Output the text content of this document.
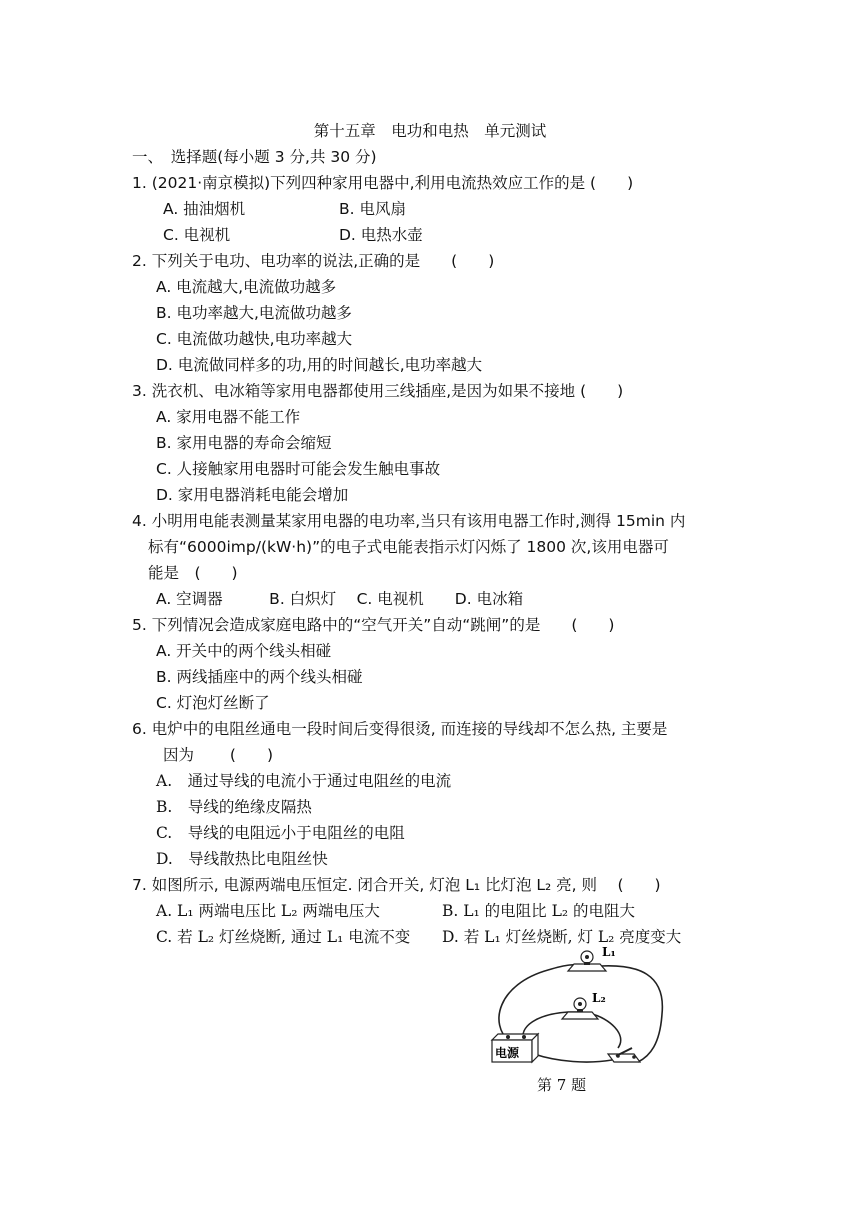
第十五章　电功和电热　单元测试
一、　选择题(每小题 3 分,共 30 分)
1. (2021·南京模拟)下列四种家用电器中,利用电流热效应工作的是 (　　)
A. 抽油烟机	B. 电风扇
C. 电视机	D. 电热水壶
2. 下列关于电功、电功率的说法,正确的是　　(　　)
A. 电流越大,电流做功越多
B. 电功率越大,电流做功越多
C. 电流做功越快,电功率越大
D. 电流做同样多的功,用的时间越长,电功率越大
3. 洗衣机、电冰箱等家用电器都使用三线插座,是因为如果不接地 (　　)
A. 家用电器不能工作
B. 家用电器的寿命会缩短
C. 人接触家用电器时可能会发生触电事故
D. 家用电器消耗电能会增加
4. 小明用电能表测量某家用电器的电功率,当只有该用电器工作时,测得 15min 内
标有“6000imp/(kW·h)”的电子式电能表指示灯闪烁了 1800 次,该用电器可
能是　(　　)
A. 空调器　　　B. 白炽灯　 C. 电视机　　D. 电冰箱
5. 下列情况会造成家庭电路中的“空气开关”自动“跳闸”的是　　(　　)
A. 开关中的两个线头相碰
B. 两线插座中的两个线头相碰
C. 灯泡灯丝断了
6. 电炉中的电阻丝通电一段时间后变得很烫, 而连接的导线却不怎么热, 主要是
因为　　 (　　)
A.　通过导线的电流小于通过电阻丝的电流
B.　导线的绝缘皮隔热
C.　导线的电阻远小于电阻丝的电阻
D.　导线散热比电阻丝快
7. 如图所示, 电源两端电压恒定. 闭合开关, 灯泡 L₁ 比灯泡 L₂ 亮, 则　 (　　)
A. L₁ 两端电压比 L₂ 两端电压大	B. L₁ 的电阻比 L₂ 的电阻大
C. 若 L₂ 灯丝烧断, 通过 L₁ 电流不变 D. 若 L₁ 灯丝烧断, 灯 L₂ 亮度变大
L₁
L₂
电源
第 7 题
